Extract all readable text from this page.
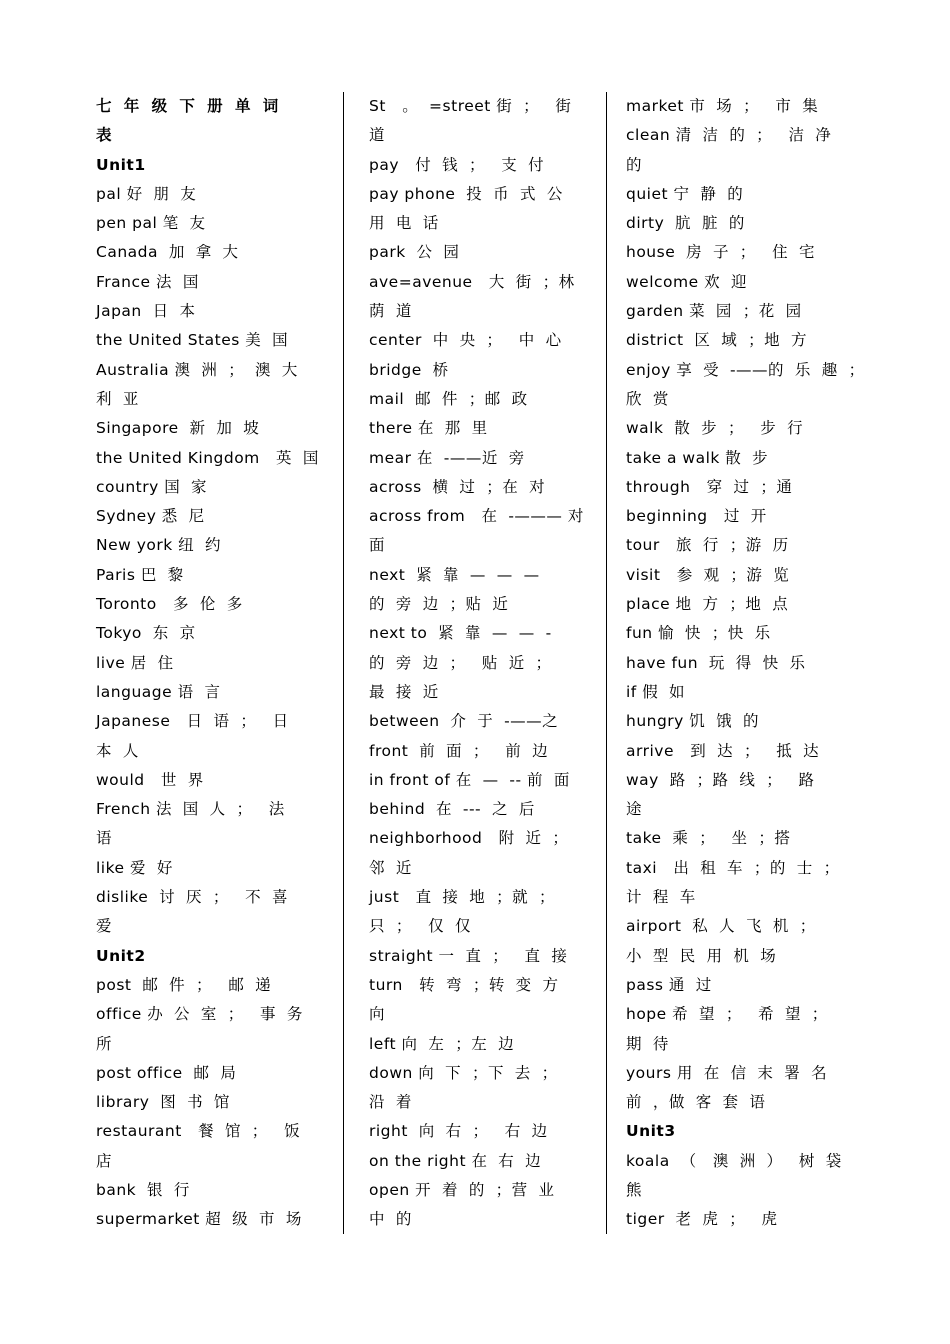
七  年  级  下  册  单  词
表
Unit1
pal 好  朋  友
pen pal 笔  友
Canada  加  拿  大
France 法  国
Japan  日  本
the United States 美  国
Australia 澳  洲  ；  澳  大
利  亚
Singapore  新  加  坡
the United Kingdom   英  国
country 国  家
Sydney 悉  尼
New york 纽  约
Paris 巴  黎
Toronto   多  伦  多
Tokyo  东  京
live 居  住
language 语  言
Japanese   日  语  ；   日
本  人
would   世  界
French 法  国  人  ；   法
语
like 爱  好
dislike  讨  厌  ；   不  喜
爱
Unit2
post  邮  件  ；   邮  递
office 办  公  室  ；   事  务
所
post office  邮  局
library  图  书  馆
restaurant   餐  馆  ；   饭
店
bank  银  行
supermarket 超  级  市  场
St   。  =street 街  ；   街
道
pay   付  钱  ；   支  付
pay phone  投  币  式  公
用  电  话
park  公  园
ave=avenue   大  街  ；林
荫  道
center  中  央  ；   中  心
bridge  桥
mail  邮  件  ；邮  政
there 在  那  里
mear 在  -——近  旁
across  横  过  ；在  对
across from   在  -——— 对
面
next  紧  靠  —  —  —
的  旁  边  ；贴  近
next to  紧  靠  —  —  -
的  旁  边  ；   贴  近  ；
最  接  近
between  介  于  -——之
front  前  面  ；   前  边
in front of 在  —  -- 前  面
behind  在  ---  之  后
neighborhood   附  近  ；
邻  近
just   直  接  地  ；就  ；
只  ；   仅  仅
straight 一  直  ；   直  接
turn   转  弯  ；转  变  方
向
left 向  左  ；左  边
down 向  下  ；下  去  ；
沿  着
right  向  右  ；   右  边
on the right 在  右  边
open 开  着  的  ；营  业
中  的
market 市  场  ；   市  集
clean 清  洁  的  ；   洁  净
的
quiet 宁  静  的
dirty  肮  脏  的
house  房  子  ；   住  宅
welcome 欢  迎
garden 菜  园  ；花  园
district  区  域  ；地  方
enjoy 享  受  -——的  乐  趣  ；
欣  赏
walk  散  步  ；   步  行
take a walk 散  步
through   穿  过  ；通
beginning   过  开
tour   旅  行  ；游  历
visit   参  观  ；游  览
place 地  方  ；地  点
fun 愉  快  ；快  乐
have fun  玩  得  快  乐
if 假  如
hungry 饥  饿  的
arrive   到  达  ；   抵  达
way  路  ；路  线  ；   路
途
take  乘  ；   坐  ；搭
taxi   出  租  车  ；的  士  ；
计  程  车
airport  私  人  飞  机  ；
小  型  民  用  机  场
pass 通  过
hope 希  望  ；   希  望  ；
期  待
yours 用  在  信  末  署  名
前  ，做  客  套  语
Unit3
koala  （   澳  洲  ）   树  袋
熊
tiger  老  虎  ；   虎
